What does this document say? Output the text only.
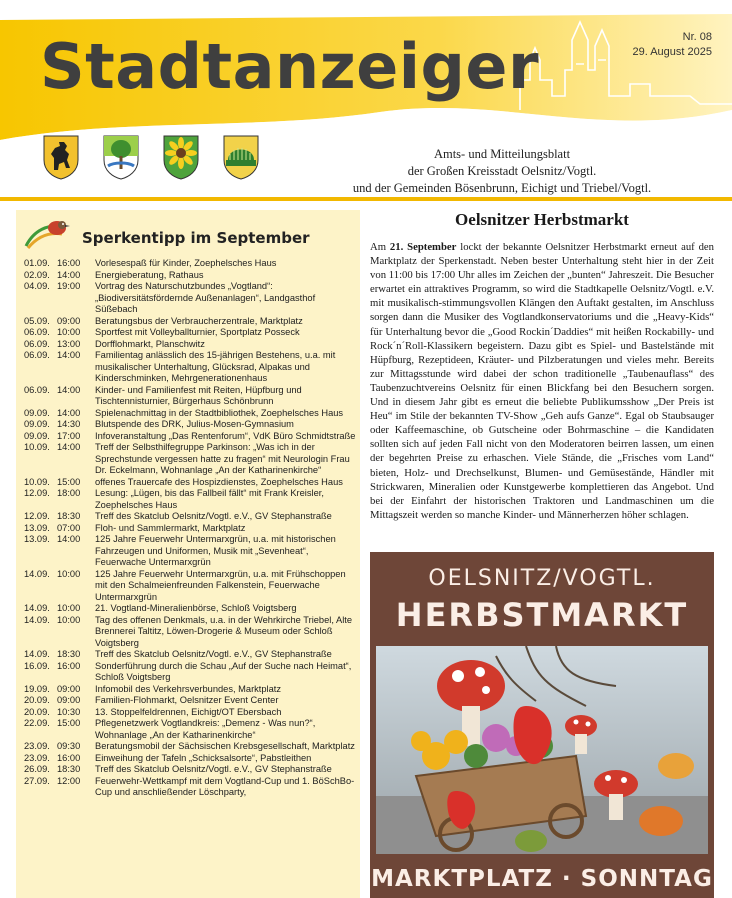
Stadtanzeiger	Nr. 08
29. August 2025
Amts- und Mitteilungsblatt
der Großen Kreisstadt Oelsnitz/Vogtl.
und der Gemeinden Bösenbrunn, Eichigt und Triebel/Vogtl.
Sperkentipp im September
01.09. 16:00	Vorlesespaß für Kinder, Zoephelsches Haus
02.09. 14:00	Energieberatung, Rathaus
04.09. 19:00	Vortrag des Naturschutzbundes „Vogtland“: „Biodiversitätsfördernde Außenanlagen“, Landgasthof Süßebach
05.09. 09:00	Beratungsbus der Verbraucherzentrale, Marktplatz
06.09. 10:00	Sportfest mit Volleyballturnier, Sportplatz Posseck
06.09. 13:00	Dorfflohmarkt, Planschwitz
06.09. 14:00	Familientag anlässlich des 15-jährigen Bestehens, u.a. mit musikalischer Unterhaltung, Glücksrad, Alpakas und Kinderschminken, Mehrgenerationenhaus
06.09. 14:00	Kinder- und Familienfest mit Reiten, Hüpfburg und Tischtennisturnier, Bürgerhaus Schönbrunn
09.09. 14:00	Spielenachmittag in der Stadtbibliothek, Zoephelsches Haus
09.09. 14:30	Blutspende des DRK, Julius-Mosen-Gymnasium
09.09. 17:00	Infoveranstaltung „Das Rentenforum“, VdK Büro Schmidtstraße
10.09. 14:00	Treff der Selbsthilfegruppe Parkinson: „Was ich in der Sprechstunde vergessen hatte zu fragen“ mit Neurologin Frau Dr. Eckelmann, Wohnanlage „An der Katharinenkirche“
10.09. 15:00	offenes Trauercafe des Hospizdienstes, Zoephelsches Haus
12.09. 18:00	Lesung: „Lügen, bis das Fallbeil fällt“ mit Frank Kreisler, Zoephelsches Haus
12.09. 18:30	Treff des Skatclub Oelsnitz/Vogtl. e.V., GV Stephanstraße
13.09. 07:00	Floh- und Sammlermarkt, Marktplatz
13.09. 14:00	125 Jahre Feuerwehr Untermarxgrün, u.a. mit historischen Fahrzeugen und Uniformen, Musik mit „Sevenheat“, Feuerwache Untermarxgrün
14.09. 10:00	125 Jahre Feuerwehr Untermarxgrün, u.a. mit Frühschoppen mit den Schalmeienfreunden Falkenstein, Feuerwache Untermarxgrün
14.09. 10:00	21. Vogtland-Mineralienbörse, Schloß Voigtsberg
14.09. 10:00	Tag des offenen Denkmals, u.a. in der Wehrkirche Triebel, Alte Brennerei Taltitz, Löwen-Drogerie & Museum oder Schloß Voigtsberg
14.09. 18:30	Treff des Skatclub Oelsnitz/Vogtl. e.V., GV Stephanstraße
16.09. 16:00	Sonderführung durch die Schau „Auf der Suche nach Heimat“, Schloß Voigtsberg
19.09. 09:00	Infomobil des Verkehrsverbundes, Marktplatz
20.09. 09:00	Familien-Flohmarkt, Oelsnitzer Event Center
20.09. 10:30	13. Stoppelfeldrennen, Eichigt/OT Ebersbach
22.09. 15:00	Pflegenetzwerk Vogtlandkreis: „Demenz - Was nun?“, Wohnanlage „An der Katharinenkirche“
23.09. 09:30	Beratungsmobil der Sächsischen Krebsgesellschaft, Marktplatz
23.09. 16:00	Einweihung der Tafeln „Schicksalsorte“, Pabstleithen
26.09. 18:30	Treff des Skatclub Oelsnitz/Vogtl. e.V., GV Stephanstraße
27.09. 12:00	Feuerwehr-Wettkampf mit dem Vogtland-Cup und 1. BöSchBo-Cup und anschließender Löschparty,
Oelsnitzer Herbstmarkt
Am 21. September lockt der bekannte Oelsnitzer Herbstmarkt erneut auf den Marktplatz der Sperkenstadt. Neben bester Unterhaltung steht hier in der Zeit von 11:00 bis 17:00 Uhr alles im Zeichen der „bunten“ Jahreszeit. Die Besucher erwartet ein attraktives Programm, so wird die Stadtkapelle Oelsnitz/Vogtl. e.V. mit musikalisch-stimmungsvollen Klängen den Auftakt gestalten, im Anschluss sorgen dann die Musiker des Vogtlandkonservatoriums und die „Heavy-Kids“ für Unterhaltung bevor die „Good Rockin´Daddies“ mit heißen Rockabilly- und Rock´n´Roll-Klassikern begeistern. Dazu gibt es Spiel- und Bastelstände mit Hüpfburg, Rezeptideen, Kräuter- und Pilzberatungen und vieles mehr. Bereits zur Mittagsstunde wird dabei der schon traditionelle „Taubenauflass“ des Taubenzuchtvereins Oelsnitz für einen Blickfang bei den Besuchern sorgen. Und in diesem Jahr gibt es erneut die beliebte Publikumsshow „Der Preis ist Heu“ im Stile der bekannten TV-Show „Geh aufs Ganze“. Egal ob Staubsauger oder Kaffeemaschine, ob Gutscheine oder Bohrmaschine – die Kandidaten sollten sich auf jeden Fall nicht von den Moderatoren beirren lassen, um einen der begehrten Preise zu erhaschen. Viele Stände, die „Frisches vom Land“ bieten, Holz- und Drechselkunst, Blumen- und Gemüsestände, Händler mit Strickwaren, Mineralien oder Kunstgewerbe komplettieren das Angebot. Und bei der Einfahrt der historischen Traktoren und Landmaschinen um die Mittagszeit werden so manche Kinder- und Männerherzen höher schlagen.
OELSNITZ/VOGTL.
HERBSTMARKT
MARKTPLATZ · SONNTAG
